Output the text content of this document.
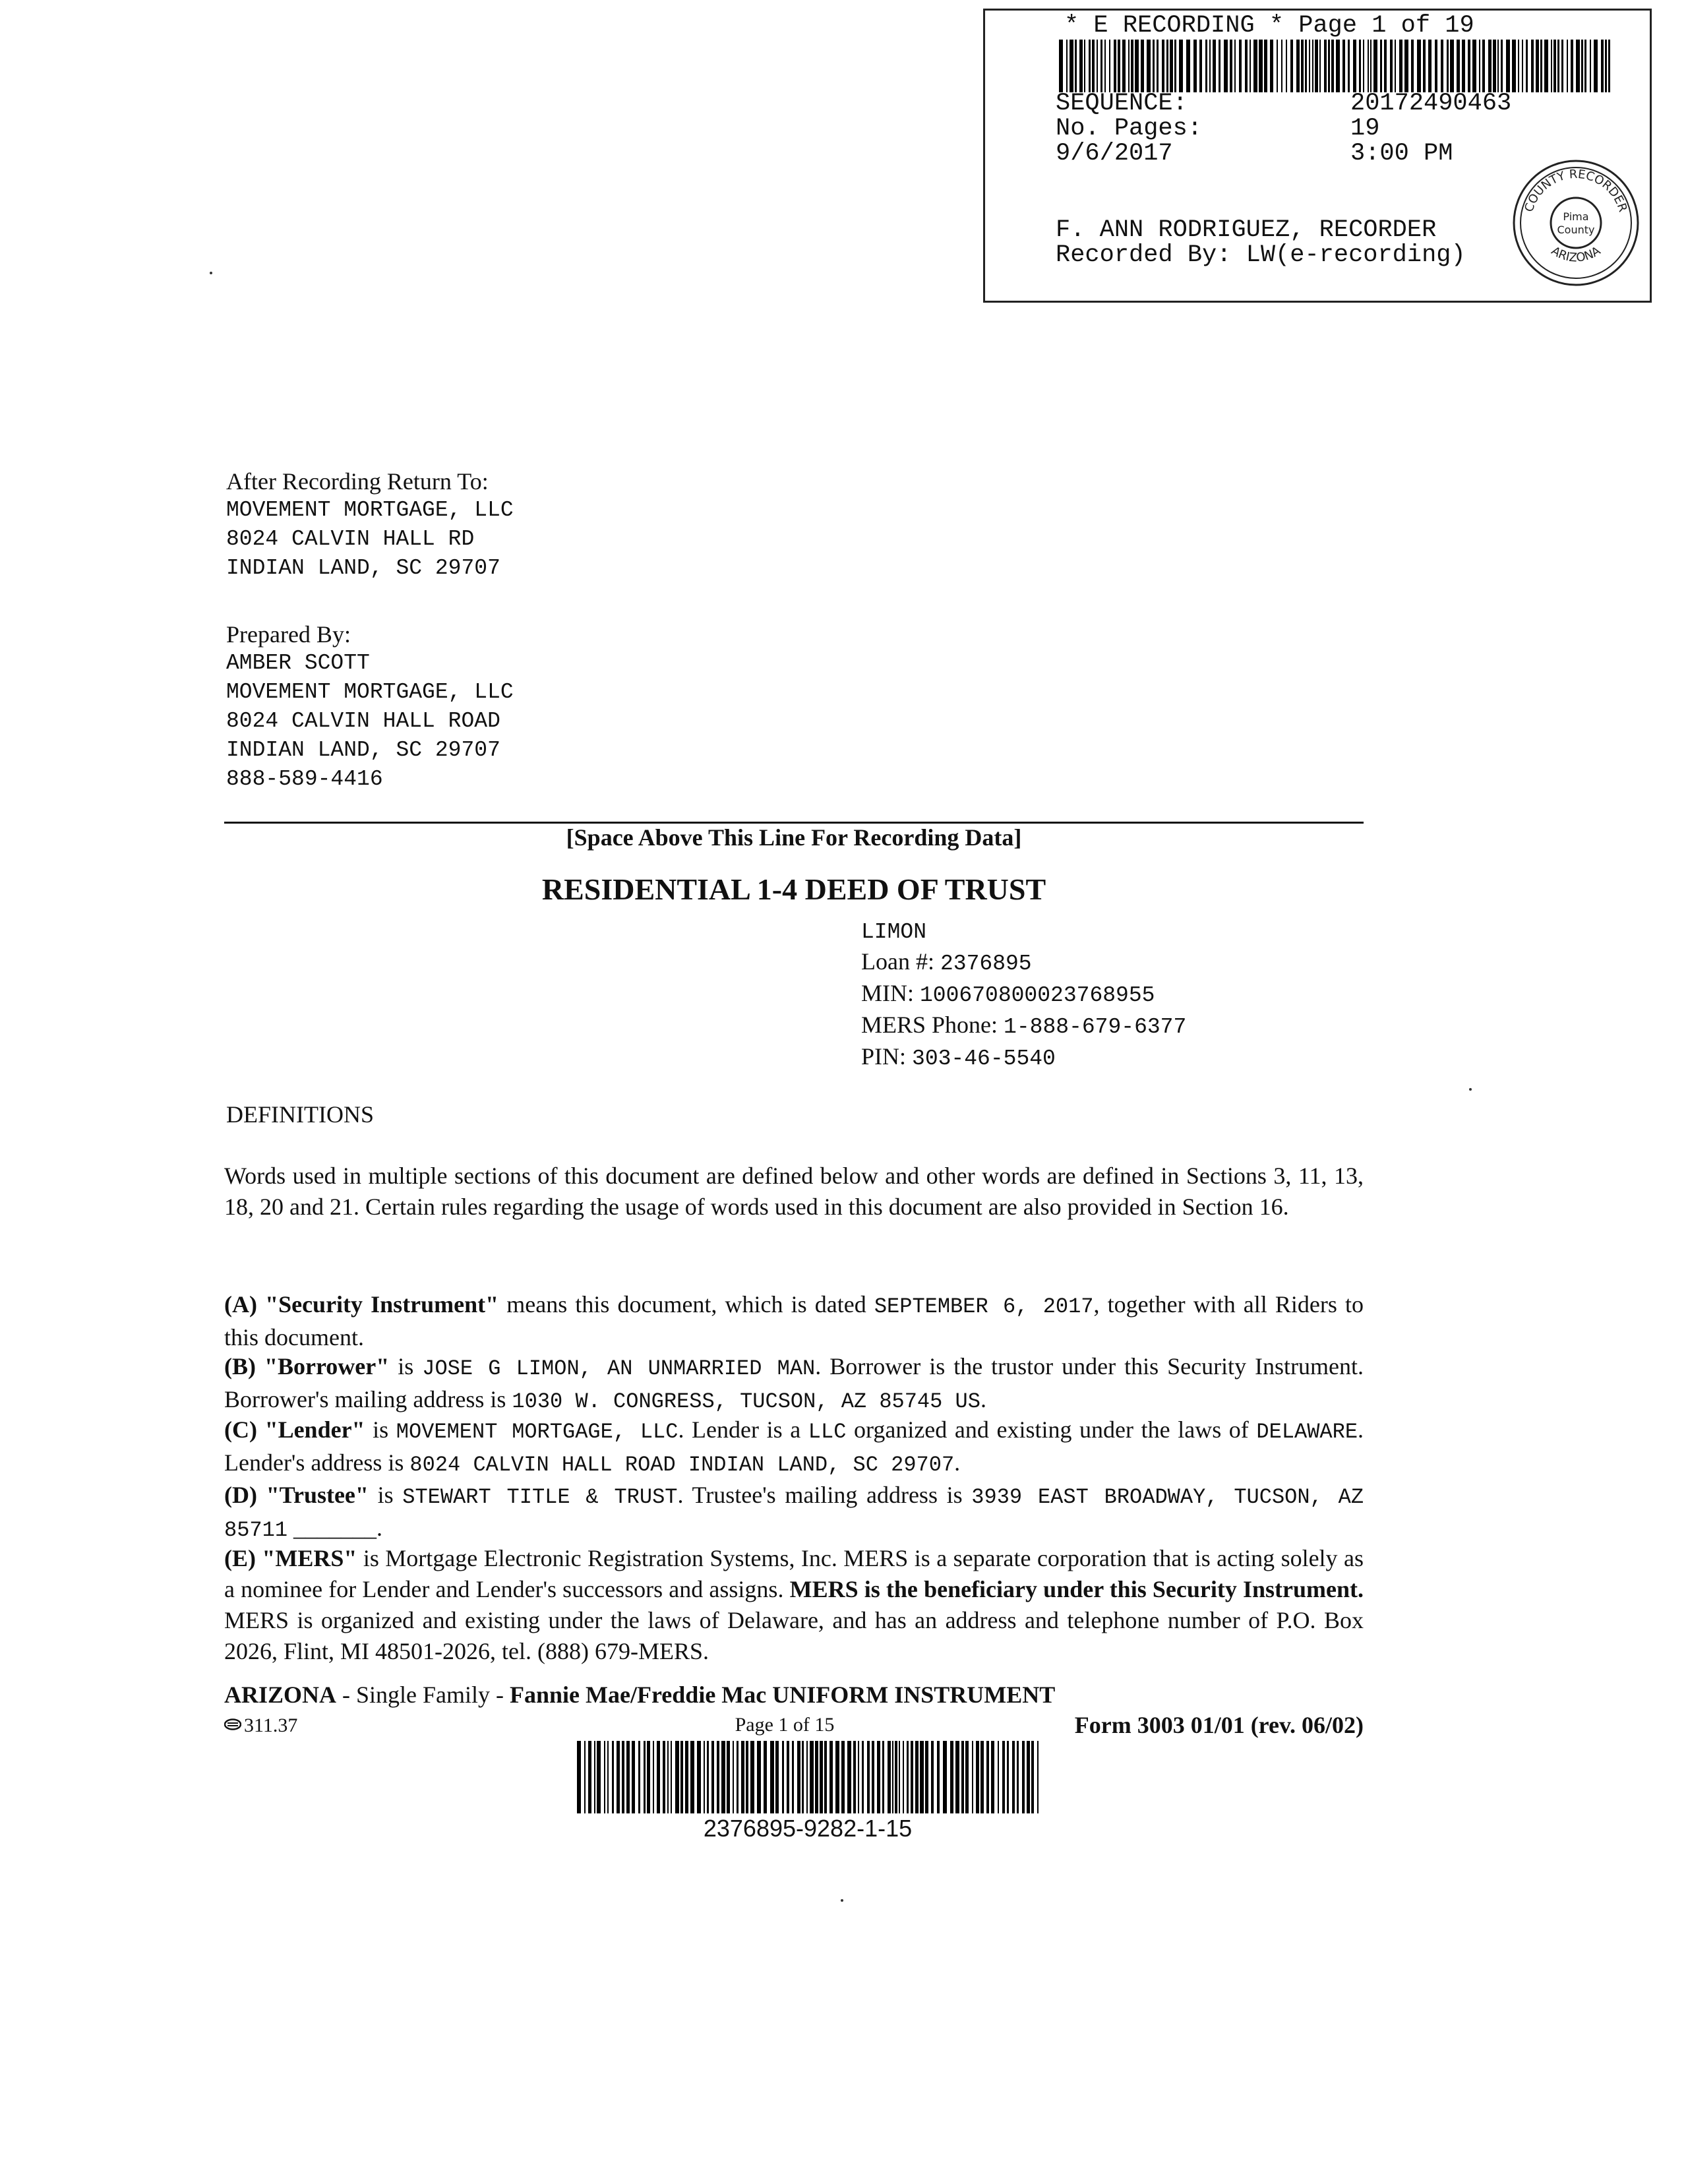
* E RECORDING * Page 1 of 19
SEQUENCE:	20172490463
No. Pages:	19
9/6/2017	3:00 PM
F. ANN RODRIGUEZ, RECORDER
Recorded By: LW(e-recording)
COUNTY RECORDER
ARIZONA
Pima
County
After Recording Return To:
MOVEMENT MORTGAGE, LLC
8024 CALVIN HALL RD
INDIAN LAND, SC 29707
Prepared By:
AMBER SCOTT
MOVEMENT MORTGAGE, LLC
8024 CALVIN HALL ROAD
INDIAN LAND, SC 29707
888-589-4416
[Space Above This Line For Recording Data]
RESIDENTIAL 1-4 DEED OF TRUST
LIMON
Loan #: 2376895
MIN: 100670800023768955
MERS Phone: 1-888-679-6377
PIN: 303-46-5540
DEFINITIONS
Words used in multiple sections of this document are defined below and other words are defined in Sections 3, 11, 13, 18, 20 and 21. Certain rules regarding the usage of words used in this document are also provided in Section 16.
(A) "Security Instrument" means this document, which is dated SEPTEMBER 6, 2017, together with all Riders to this document.
(B) "Borrower" is JOSE G LIMON, AN UNMARRIED MAN. Borrower is the trustor under this Security Instrument. Borrower's mailing address is 1030 W. CONGRESS, TUCSON, AZ 85745 US.
(C) "Lender" is MOVEMENT MORTGAGE, LLC. Lender is a LLC organized and existing under the laws of DELAWARE. Lender's address is 8024 CALVIN HALL ROAD INDIAN LAND, SC 29707.
(D) "Trustee" is STEWART TITLE & TRUST. Trustee's mailing address is 3939 EAST BROADWAY, TUCSON, AZ 85711 _______.
(E) "MERS" is Mortgage Electronic Registration Systems, Inc. MERS is a separate corporation that is acting solely as a nominee for Lender and Lender's successors and assigns. MERS is the beneficiary under this Security Instrument. MERS is organized and existing under the laws of Delaware, and has an address and telephone number of P.O. Box 2026, Flint, MI 48501-2026, tel. (888) 679-MERS.
ARIZONA - Single Family - Fannie Mae/Freddie Mac UNIFORM INSTRUMENT
311.37	Page 1 of 15	Form 3003 01/01 (rev. 06/02)
2376895-9282-1-15
